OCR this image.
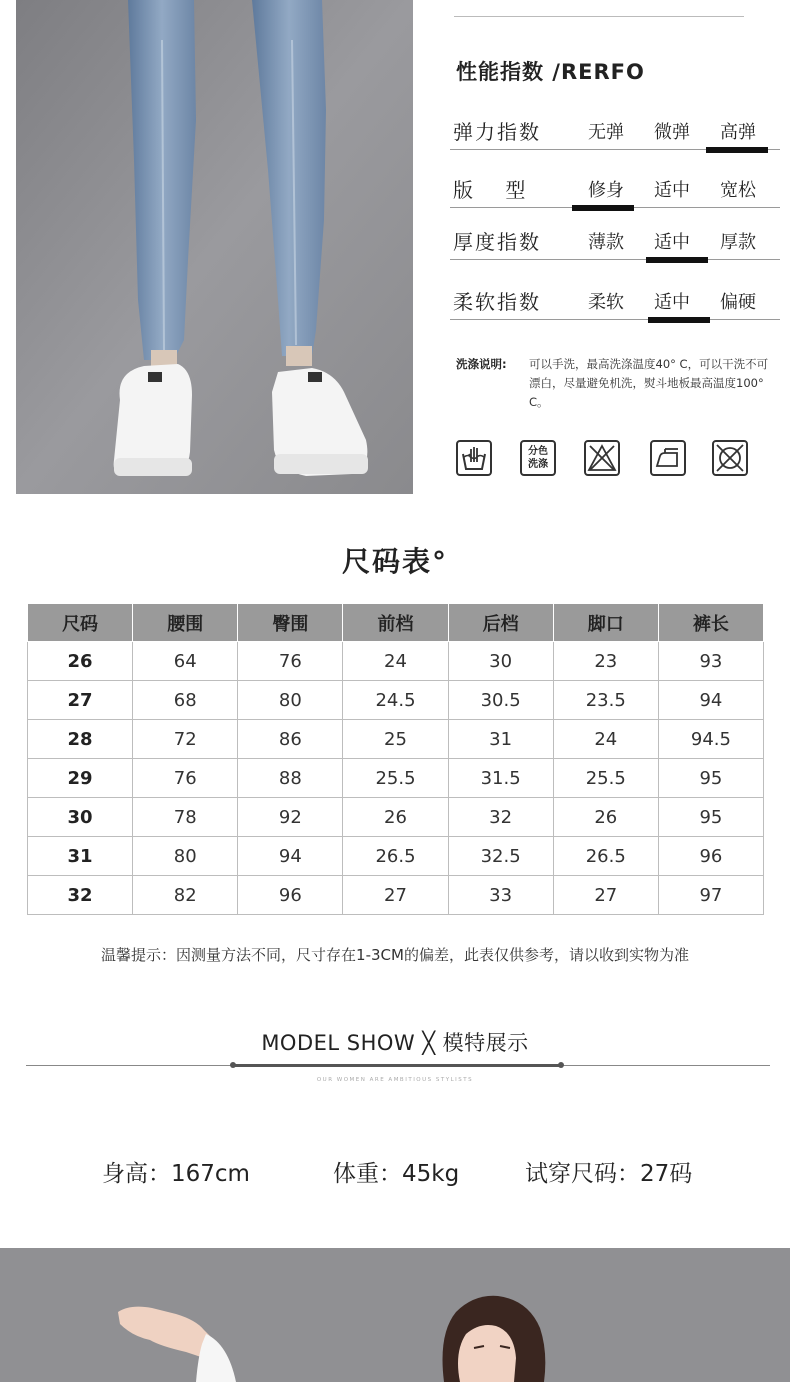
性能指数 /RERFO
弹力指数	无弹	微弹	高弹
版　 型	修身	适中	宽松
厚度指数	薄款	适中	厚款
柔软指数	柔软	适中	偏硬
洗涤说明: 可以手洗，最高洗涤温度40° C，可以干洗不可漂白，尽量避免机洗，熨斗地板最高温度100° C。
分色
洗涤
尺码表°
尺码	腰围	臀围	前档	后档	脚口	裤长
26	64	76	24	30	23	93
27	68	80	24.5	30.5	23.5	94
28	72	86	25	31	24	94.5
29	76	88	25.5	31.5	25.5	95
30	78	92	26	32	26	95
31	80	94	26.5	32.5	26.5	96
32	82	96	27	33	27	97
温馨提示：因测量方法不同，尺寸存在1-3CM的偏差，此表仅供参考，请以收到实物为准
MODEL SHOW ╳ 模特展示
OUR WOMEN ARE AMBITIOUS STYLISTS
身高：167cm	体重：45kg	试穿尺码：27码
